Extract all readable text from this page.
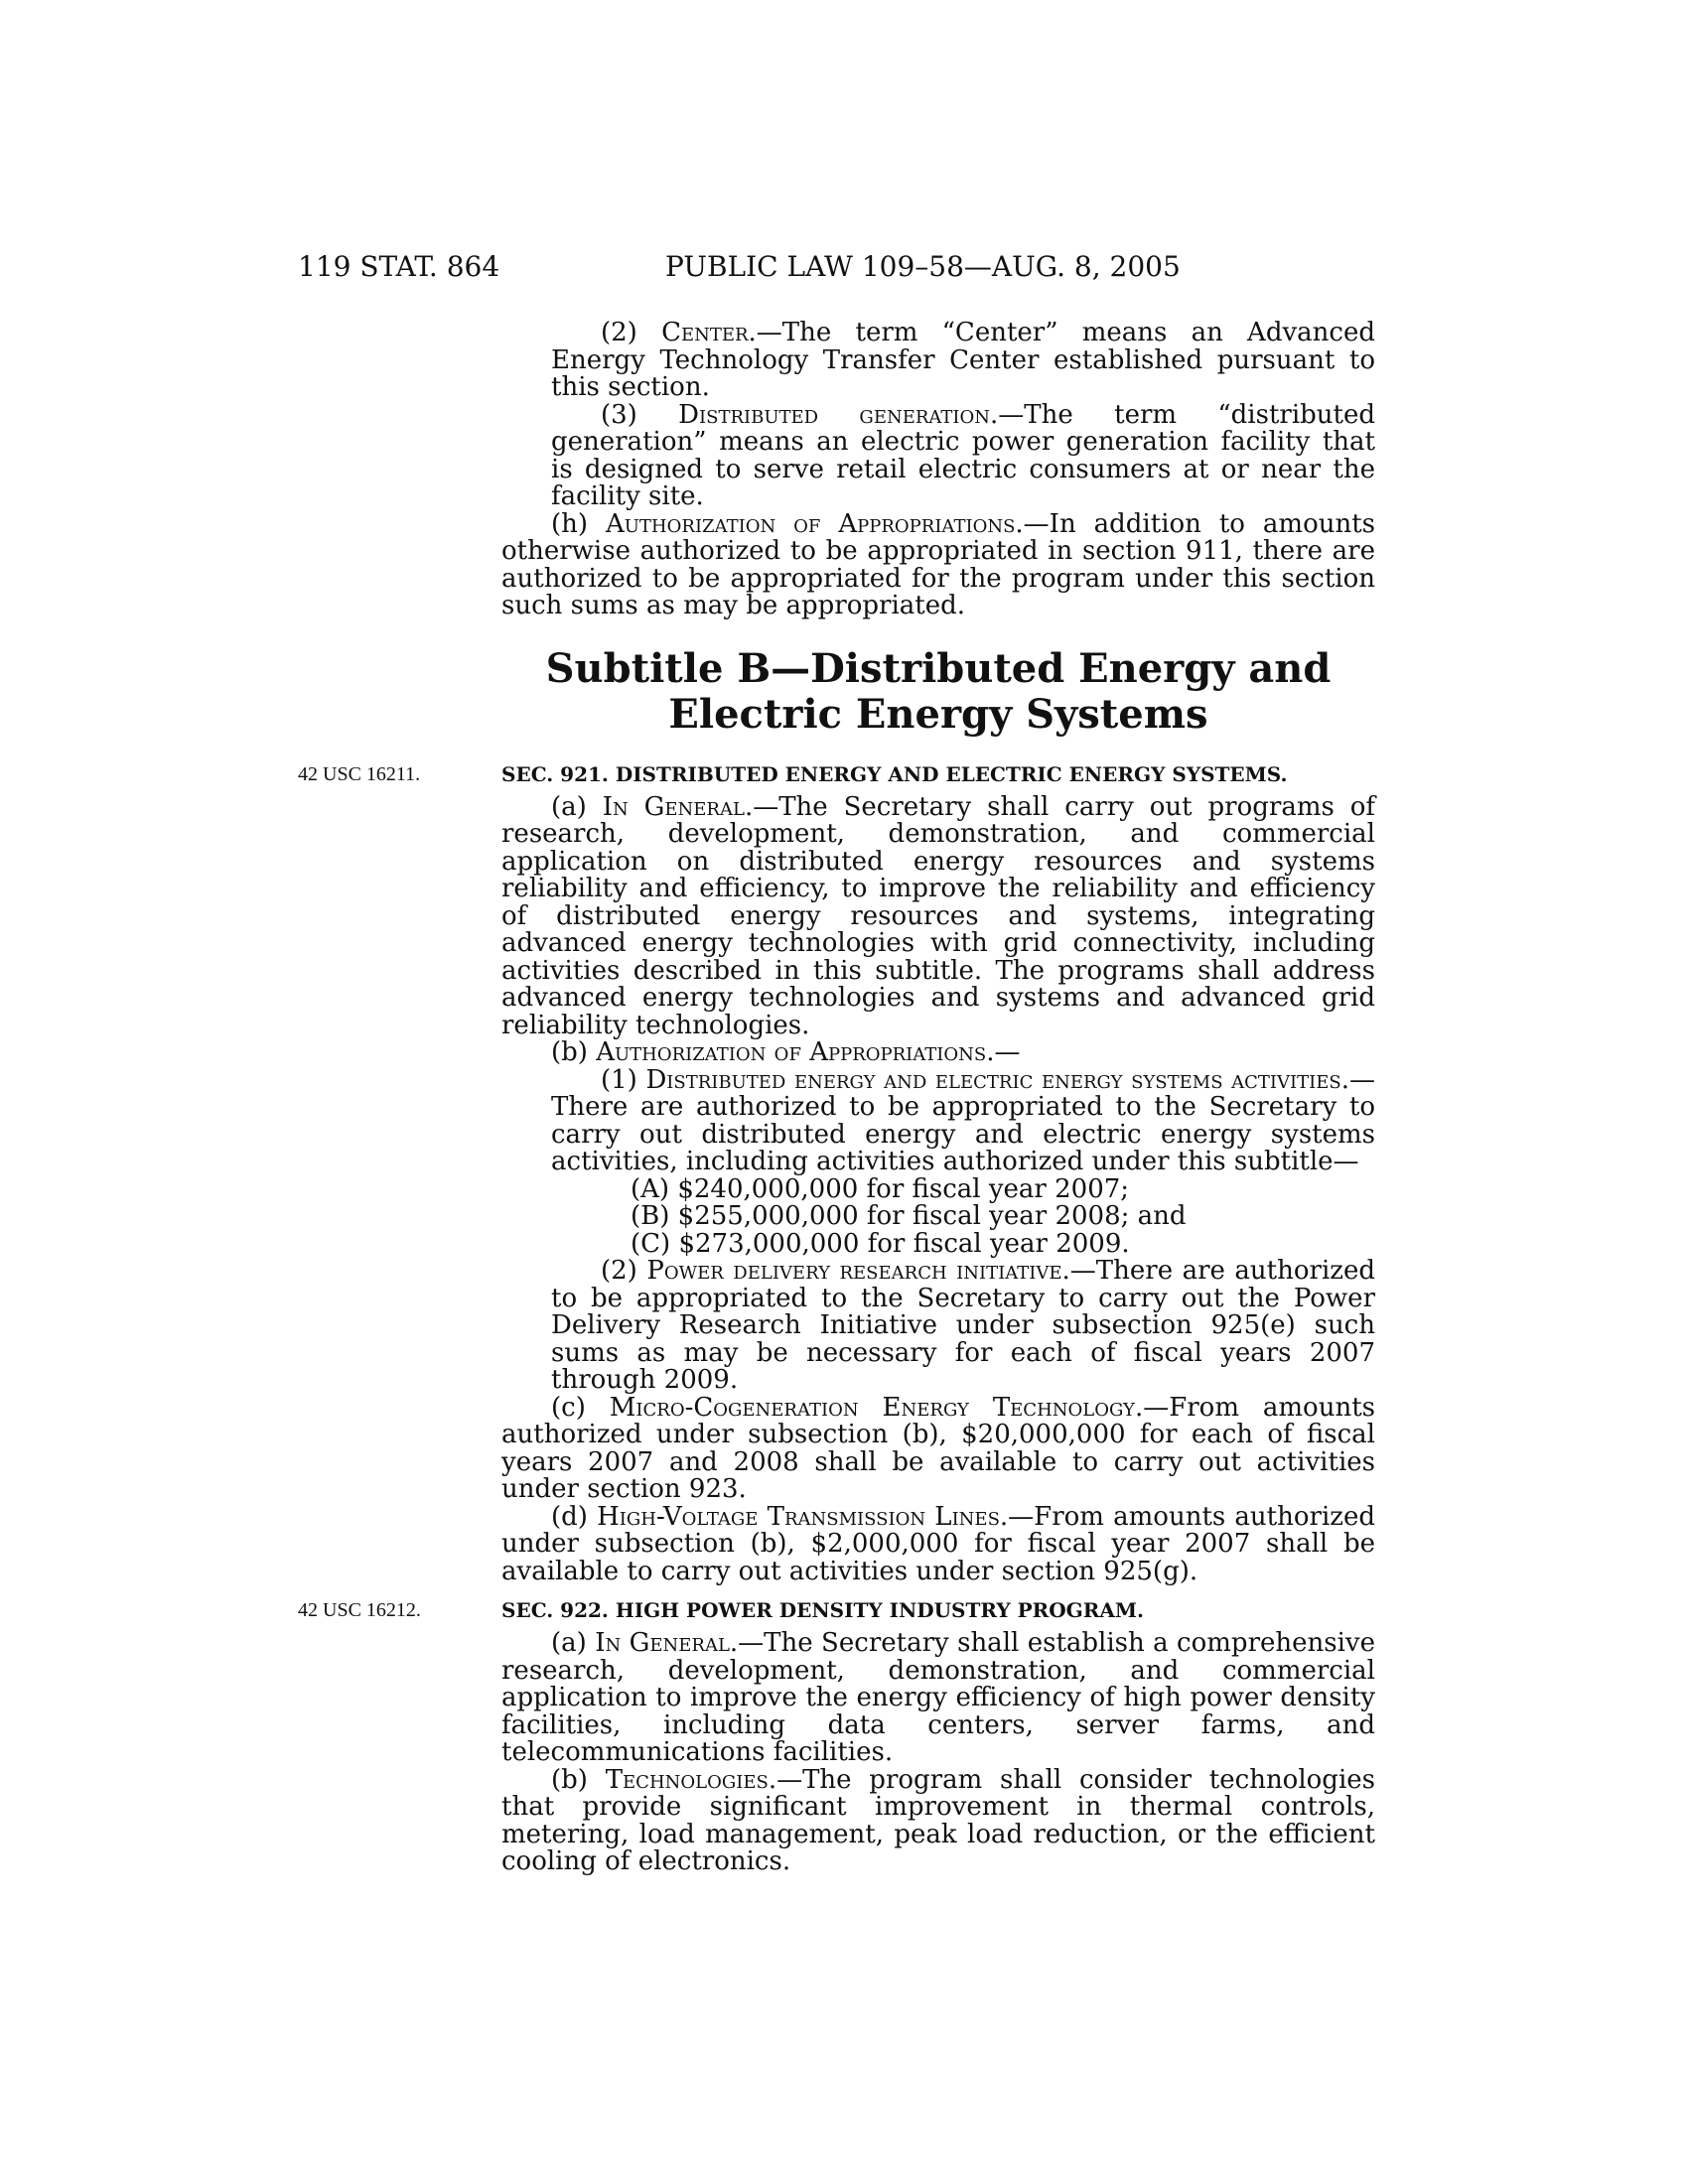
119 STAT. 864	PUBLIC LAW 109–58—AUG. 8, 2005

(2) Center.—The term “Center” means an Advanced Energy Technology Transfer Center established pursuant to this section.

(3) Distributed generation.—The term “distributed generation” means an electric power generation facility that is designed to serve retail electric consumers at or near the facility site.

(h) Authorization of Appropriations.—In addition to amounts otherwise authorized to be appropriated in section 911, there are authorized to be appropriated for the program under this section such sums as may be appropriated.

Subtitle B—Distributed Energy and
Electric Energy Systems
42 USC 16211.	SEC. 921. DISTRIBUTED ENERGY AND ELECTRIC ENERGY SYSTEMS.

(a) In General.—The Secretary shall carry out programs of research, development, demonstration, and commercial application on distributed energy resources and systems reliability and efficiency, to improve the reliability and efficiency of distributed energy resources and systems, integrating advanced energy technologies with grid connectivity, including activities described in this subtitle. The programs shall address advanced energy technologies and systems and advanced grid reliability technologies.

(b) Authorization of Appropriations.—

(1) Distributed energy and electric energy systems activities.—There are authorized to be appropriated to the Secretary to carry out distributed energy and electric energy systems activities, including activities authorized under this subtitle—

(A) $240,000,000 for fiscal year 2007;

(B) $255,000,000 for fiscal year 2008; and

(C) $273,000,000 for fiscal year 2009.

(2) Power delivery research initiative.—There are authorized to be appropriated to the Secretary to carry out the Power Delivery Research Initiative under subsection 925(e) such sums as may be necessary for each of fiscal years 2007 through 2009.

(c) Micro-Cogeneration Energy Technology.—From amounts authorized under subsection (b), $20,000,000 for each of fiscal years 2007 and 2008 shall be available to carry out activities under section 923.

(d) High-Voltage Transmission Lines.—From amounts authorized under subsection (b), $2,000,000 for fiscal year 2007 shall be available to carry out activities under section 925(g).

42 USC 16212.	SEC. 922. HIGH POWER DENSITY INDUSTRY PROGRAM.

(a) In General.—The Secretary shall establish a comprehensive research, development, demonstration, and commercial application to improve the energy efficiency of high power density facilities, including data centers, server farms, and telecommunications facilities.

(b) Technologies.—The program shall consider technologies that provide significant improvement in thermal controls, metering, load management, peak load reduction, or the efficient cooling of electronics.
